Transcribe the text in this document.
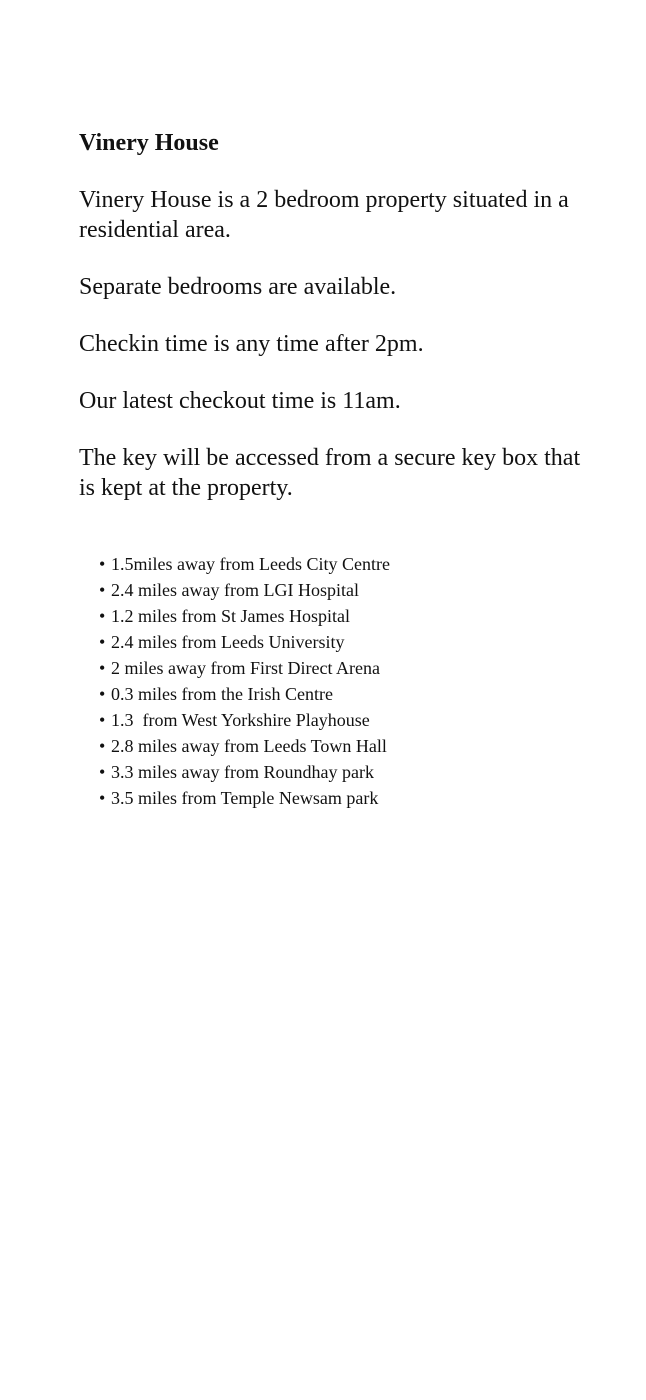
Vinery House

Vinery House is a 2 bedroom property situated in a residential area.

Separate bedrooms are available.

Checkin time is any time after 2pm.

Our latest checkout time is 11am.

The key will be accessed from a secure key box that is kept at the property.

• 1.5miles away from Leeds City Centre
• 2.4 miles away from LGI Hospital
• 1.2 miles from St James Hospital
• 2.4 miles from Leeds University
• 2 miles away from First Direct Arena
• 0.3 miles from the Irish Centre
• 1.3  from West Yorkshire Playhouse
• 2.8 miles away from Leeds Town Hall
• 3.3 miles away from Roundhay park
• 3.5 miles from Temple Newsam park
